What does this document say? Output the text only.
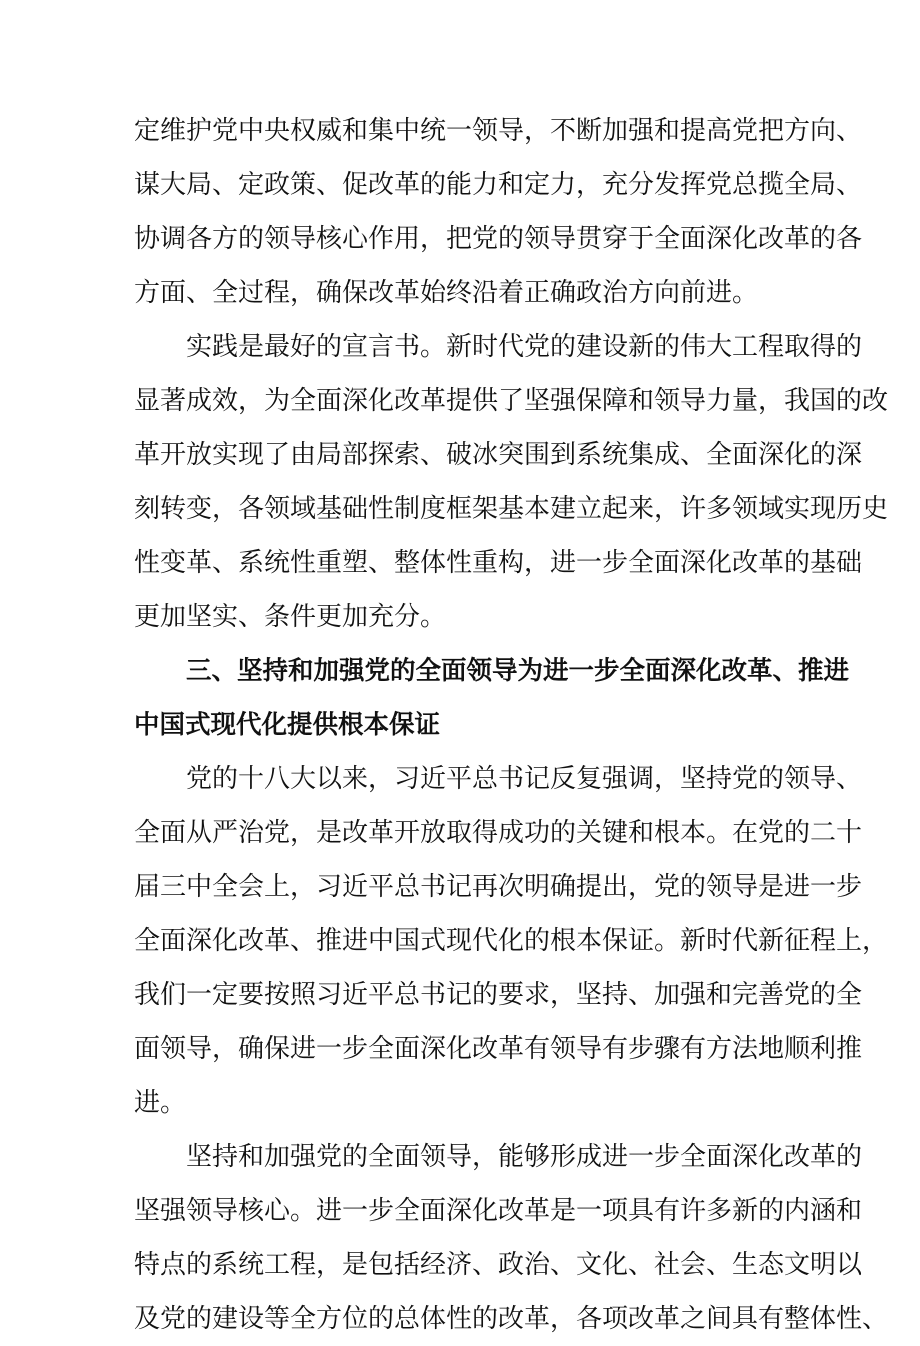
定维护党中央权威和集中统一领导，不断加强和提高党把方向、
谋大局、定政策、促改革的能力和定力，充分发挥党总揽全局、
协调各方的领导核心作用，把党的领导贯穿于全面深化改革的各
方面、全过程，确保改革始终沿着正确政治方向前进。
实践是最好的宣言书。新时代党的建设新的伟大工程取得的
显著成效，为全面深化改革提供了坚强保障和领导力量，我国的改
革开放实现了由局部探索、破冰突围到系统集成、全面深化的深
刻转变，各领域基础性制度框架基本建立起来，许多领域实现历史
性变革、系统性重塑、整体性重构，进一步全面深化改革的基础
更加坚实、条件更加充分。
三、坚持和加强党的全面领导为进一步全面深化改革、推进
中国式现代化提供根本保证
党的十八大以来，习近平总书记反复强调，坚持党的领导、
全面从严治党，是改革开放取得成功的关键和根本。在党的二十
届三中全会上，习近平总书记再次明确提出，党的领导是进一步
全面深化改革、推进中国式现代化的根本保证。新时代新征程上，
我们一定要按照习近平总书记的要求，坚持、加强和完善党的全
面领导，确保进一步全面深化改革有领导有步骤有方法地顺利推
进。
坚持和加强党的全面领导，能够形成进一步全面深化改革的
坚强领导核心。进一步全面深化改革是一项具有许多新的内涵和
特点的系统工程，是包括经济、政治、文化、社会、生态文明以
及党的建设等全方位的总体性的改革，各项改革之间具有整体性、
